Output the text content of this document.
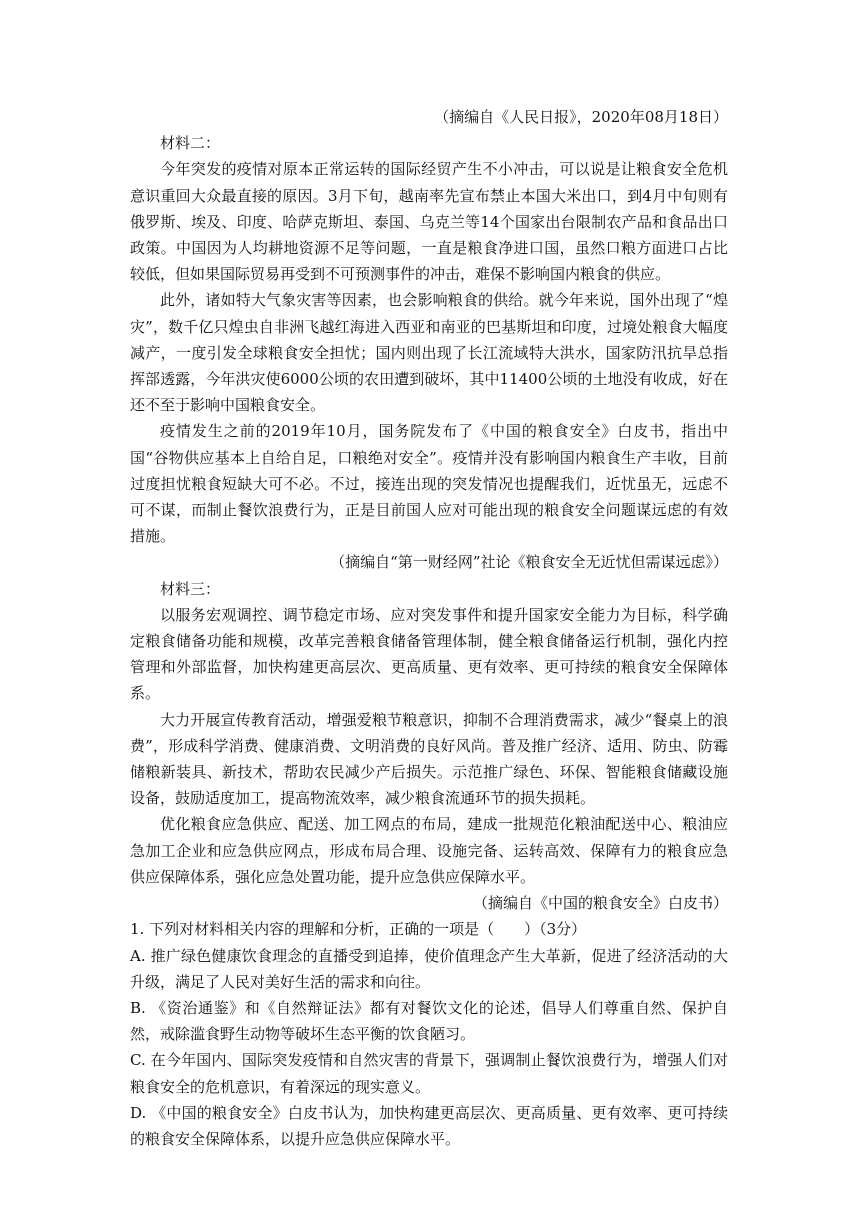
（摘编自《人民日报》，2020年08月18日）

材料二：

今年突发的疫情对原本正常运转的国际经贸产生不小冲击，可以说是让粮食安全危机意识重回大众最直接的原因。3月下旬，越南率先宣布禁止本国大米出口，到4月中旬则有俄罗斯、埃及、印度、哈萨克斯坦、泰国、乌克兰等14个国家出台限制农产品和食品出口政策。中国因为人均耕地资源不足等问题，一直是粮食净进口国，虽然口粮方面进口占比较低，但如果国际贸易再受到不可预测事件的冲击，难保不影响国内粮食的供应。

此外，诸如特大气象灾害等因素，也会影响粮食的供给。就今年来说，国外出现了“煌灾”，数千亿只煌虫自非洲飞越红海进入西亚和南亚的巴基斯坦和印度，过境处粮食大幅度减产，一度引发全球粮食安全担忧；国内则出现了长江流域特大洪水，国家防汛抗旱总指挥部透露，今年洪灾使6000公顷的农田遭到破坏，其中11400公顷的土地没有收成，好在还不至于影响中国粮食安全。

疫情发生之前的2019年10月，国务院发布了《中国的粮食安全》白皮书，指出中国“谷物供应基本上自给自足，口粮绝对安全”。疫情并没有影响国内粮食生产丰收，目前过度担忧粮食短缺大可不必。不过，接连出现的突发情况也提醒我们，近忧虽无，远虑不可不谋，而制止餐饮浪费行为，正是目前国人应对可能出现的粮食安全问题谋远虑的有效措施。

（摘编自“第一财经网”社论《粮食安全无近忧但需谋远虑》）

材料三：

以服务宏观调控、调节稳定市场、应对突发事件和提升国家安全能力为目标，科学确定粮食储备功能和规模，改革完善粮食储备管理体制，健全粮食储备运行机制，强化内控管理和外部监督，加快构建更高层次、更高质量、更有效率、更可持续的粮食安全保障体系。

大力开展宣传教育活动，增强爱粮节粮意识，抑制不合理消费需求，减少“餐桌上的浪费”，形成科学消费、健康消费、文明消费的良好风尚。普及推广经济、适用、防虫、防霉储粮新装具、新技术，帮助农民减少产后损失。示范推广绿色、环保、智能粮食储藏设施设备，鼓励适度加工，提高物流效率，减少粮食流通环节的损失损耗。

优化粮食应急供应、配送、加工网点的布局，建成一批规范化粮油配送中心、粮油应急加工企业和应急供应网点，形成布局合理、设施完备、运转高效、保障有力的粮食应急供应保障体系，强化应急处置功能，提升应急供应保障水平。

（摘编自《中国的粮食安全》白皮书）

1. 下列对材料相关内容的理解和分析，正确的一项是（　　）（3分）

A. 推广绿色健康饮食理念的直播受到追捧，使价值理念产生大革新，促进了经济活动的大升级，满足了人民对美好生活的需求和向往。

B. 《资治通鉴》和《自然辩证法》都有对餐饮文化的论述，倡导人们尊重自然、保护自然，戒除滥食野生动物等破坏生态平衡的饮食陋习。

C. 在今年国内、国际突发疫情和自然灾害的背景下，强调制止餐饮浪费行为，增强人们对粮食安全的危机意识，有着深远的现实意义。

D. 《中国的粮食安全》白皮书认为，加快构建更高层次、更高质量、更有效率、更可持续的粮食安全保障体系，以提升应急供应保障水平。
